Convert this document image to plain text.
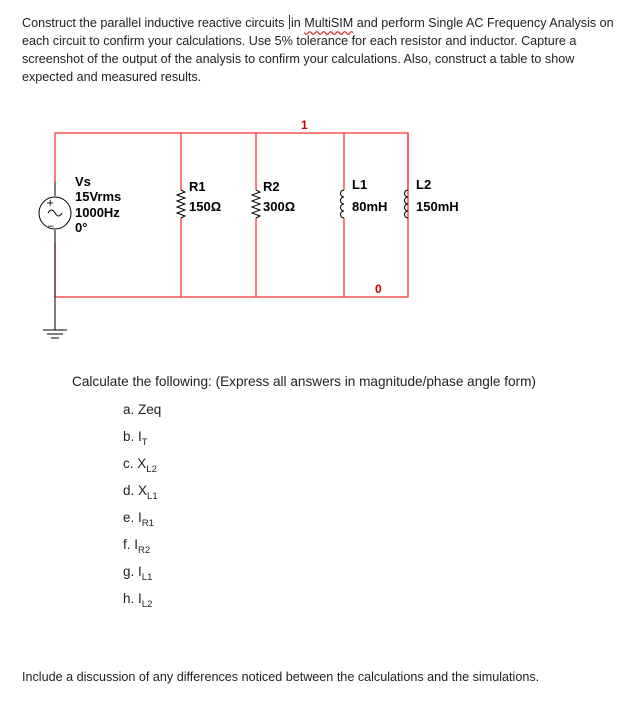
Construct the parallel inductive reactive circuits in MultiSIM and perform Single AC Frequency Analysis on each circuit to confirm your calculations. Use 5% tolerance for each resistor and inductor. Capture a screenshot of the output of the analysis to confirm your calculations. Also, construct a table to show expected and measured results.

+
−
Vs
15Vrms
1000Hz
0°
R1
150Ω
R2
300Ω
L1
80mH
L2
150mH
1
0
Calculate the following: (Express all answers in magnitude/phase angle form)
a. Zeq
b. $I_T$
c. $X_{L2}$
d. $X_{L1}$
e. $I_{R1}$
f. $I_{R2}$
g. $I_{L1}$
h. $I_{L2}$
Include a discussion of any differences noticed between the calculations and the simulations.
